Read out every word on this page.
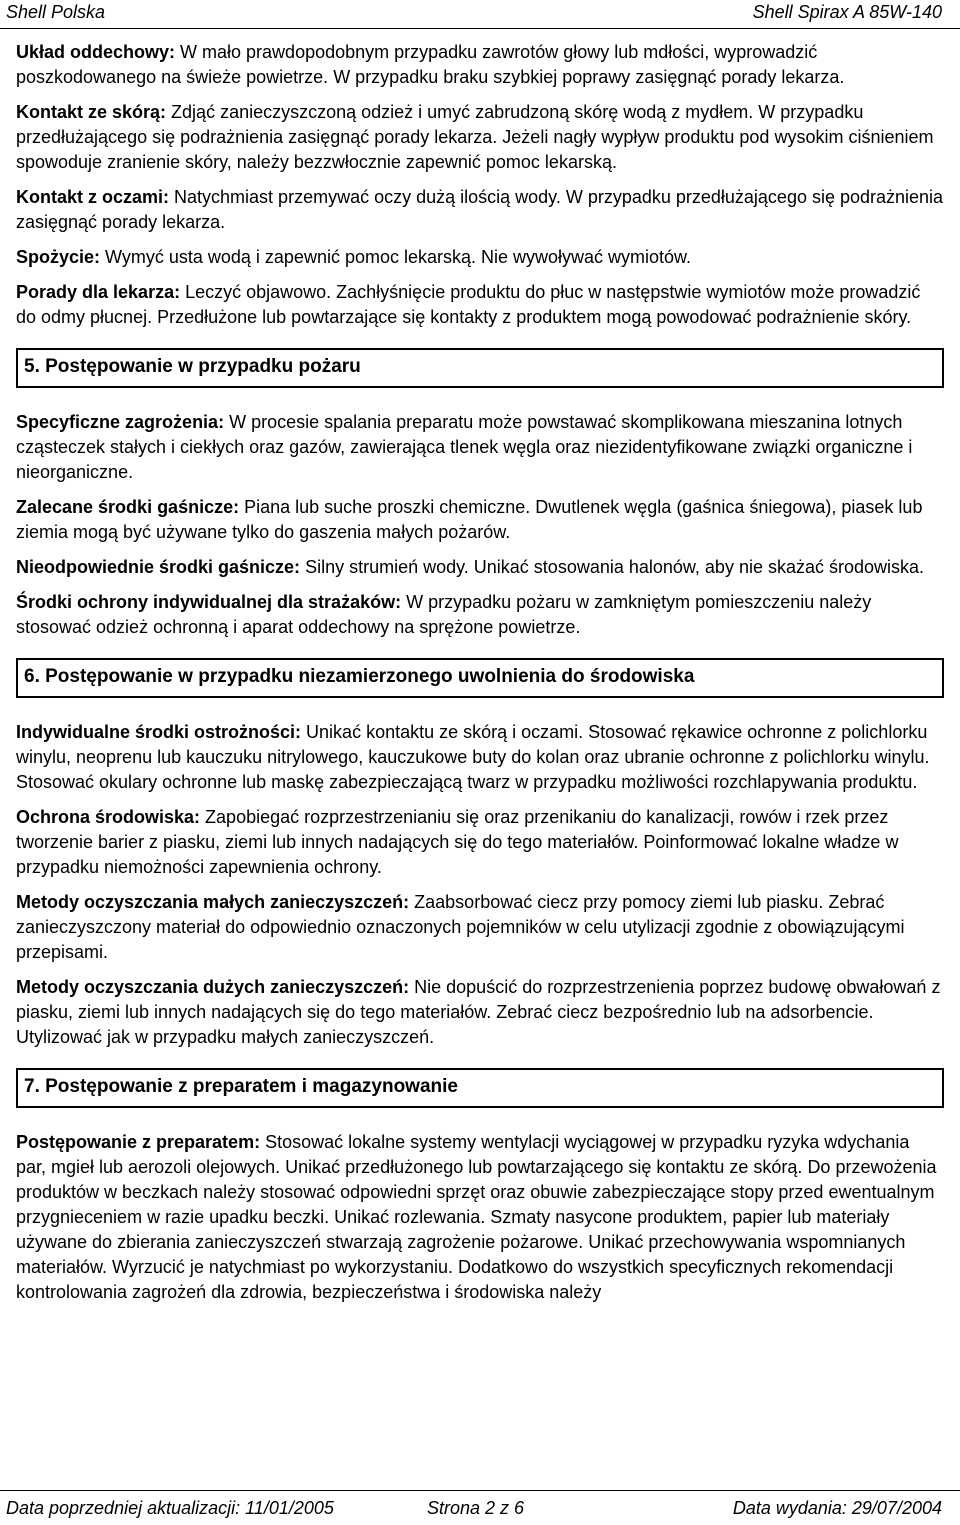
Shell Polska	Shell Spirax A 85W-140

Układ oddechowy: W mało prawdopodobnym przypadku zawrotów głowy lub mdłości, wyprowadzić poszkodowanego na świeże powietrze. W przypadku braku szybkiej poprawy zasięgnąć porady lekarza.

Kontakt ze skórą: Zdjąć zanieczyszczoną odzież i umyć zabrudzoną skórę wodą z mydłem. W przypadku przedłużającego się podrażnienia zasięgnąć porady lekarza. Jeżeli nagły wypływ produktu pod wysokim ciśnieniem spowoduje zranienie skóry, należy bezzwłocznie zapewnić pomoc lekarską.

Kontakt z oczami: Natychmiast przemywać oczy dużą ilością wody. W przypadku przedłużającego się podrażnienia zasięgnąć porady lekarza.

Spożycie: Wymyć usta wodą i zapewnić pomoc lekarską. Nie wywoływać wymiotów.

Porady dla lekarza: Leczyć objawowo. Zachłyśnięcie produktu do płuc w następstwie wymiotów może prowadzić do odmy płucnej. Przedłużone lub powtarzające się kontakty z produktem mogą powodować podrażnienie skóry.

5. Postępowanie w przypadku pożaru

Specyficzne zagrożenia: W procesie spalania preparatu może powstawać skomplikowana mieszanina lotnych cząsteczek stałych i ciekłych oraz gazów, zawierająca tlenek węgla oraz niezidentyfikowane związki organiczne i nieorganiczne.

Zalecane środki gaśnicze: Piana lub suche proszki chemiczne. Dwutlenek węgla (gaśnica śniegowa), piasek lub ziemia mogą być używane tylko do gaszenia małych pożarów.

Nieodpowiednie środki gaśnicze: Silny strumień wody. Unikać stosowania halonów, aby nie skażać środowiska.

Środki ochrony indywidualnej dla strażaków: W przypadku pożaru w zamkniętym pomieszczeniu należy stosować odzież ochronną i aparat oddechowy na sprężone powietrze.

6. Postępowanie w przypadku niezamierzonego uwolnienia do środowiska

Indywidualne środki ostrożności: Unikać kontaktu ze skórą i oczami. Stosować rękawice ochronne z polichlorku winylu, neoprenu lub kauczuku nitrylowego, kauczukowe buty do kolan oraz ubranie ochronne z polichlorku winylu. Stosować okulary ochronne lub maskę zabezpieczającą twarz w przypadku możliwości rozchlapywania produktu.

Ochrona środowiska: Zapobiegać rozprzestrzenianiu się oraz przenikaniu do kanalizacji, rowów i rzek przez tworzenie barier z piasku, ziemi lub innych nadających się do tego materiałów. Poinformować lokalne władze w przypadku niemożności zapewnienia ochrony.

Metody oczyszczania małych zanieczyszczeń: Zaabsorbować ciecz przy pomocy ziemi lub piasku. Zebrać zanieczyszczony materiał do odpowiednio oznaczonych pojemników w celu utylizacji zgodnie z obowiązującymi przepisami.

Metody oczyszczania dużych zanieczyszczeń: Nie dopuścić do rozprzestrzenienia poprzez budowę obwałowań z piasku, ziemi lub innych nadających się do tego materiałów. Zebrać ciecz bezpośrednio lub na adsorbencie. Utylizować jak w przypadku małych zanieczyszczeń.

7. Postępowanie z preparatem i magazynowanie

Postępowanie z preparatem: Stosować lokalne systemy wentylacji wyciągowej w przypadku ryzyka wdychania par, mgieł lub aerozoli olejowych. Unikać przedłużonego lub powtarzającego się kontaktu ze skórą. Do przewożenia produktów w beczkach należy stosować odpowiedni sprzęt oraz obuwie zabezpieczające stopy przed ewentualnym przygnieceniem w razie upadku beczki. Unikać rozlewania. Szmaty nasycone produktem, papier lub materiały używane do zbierania zanieczyszczeń stwarzają zagrożenie pożarowe. Unikać przechowywania wspomnianych materiałów. Wyrzucić je natychmiast po wykorzystaniu. Dodatkowo do wszystkich specyficznych rekomendacji kontrolowania zagrożeń dla zdrowia, bezpieczeństwa i środowiska należy

Data poprzedniej aktualizacji: 11/01/2005	Strona 2 z 6	Data wydania: 29/07/2004
